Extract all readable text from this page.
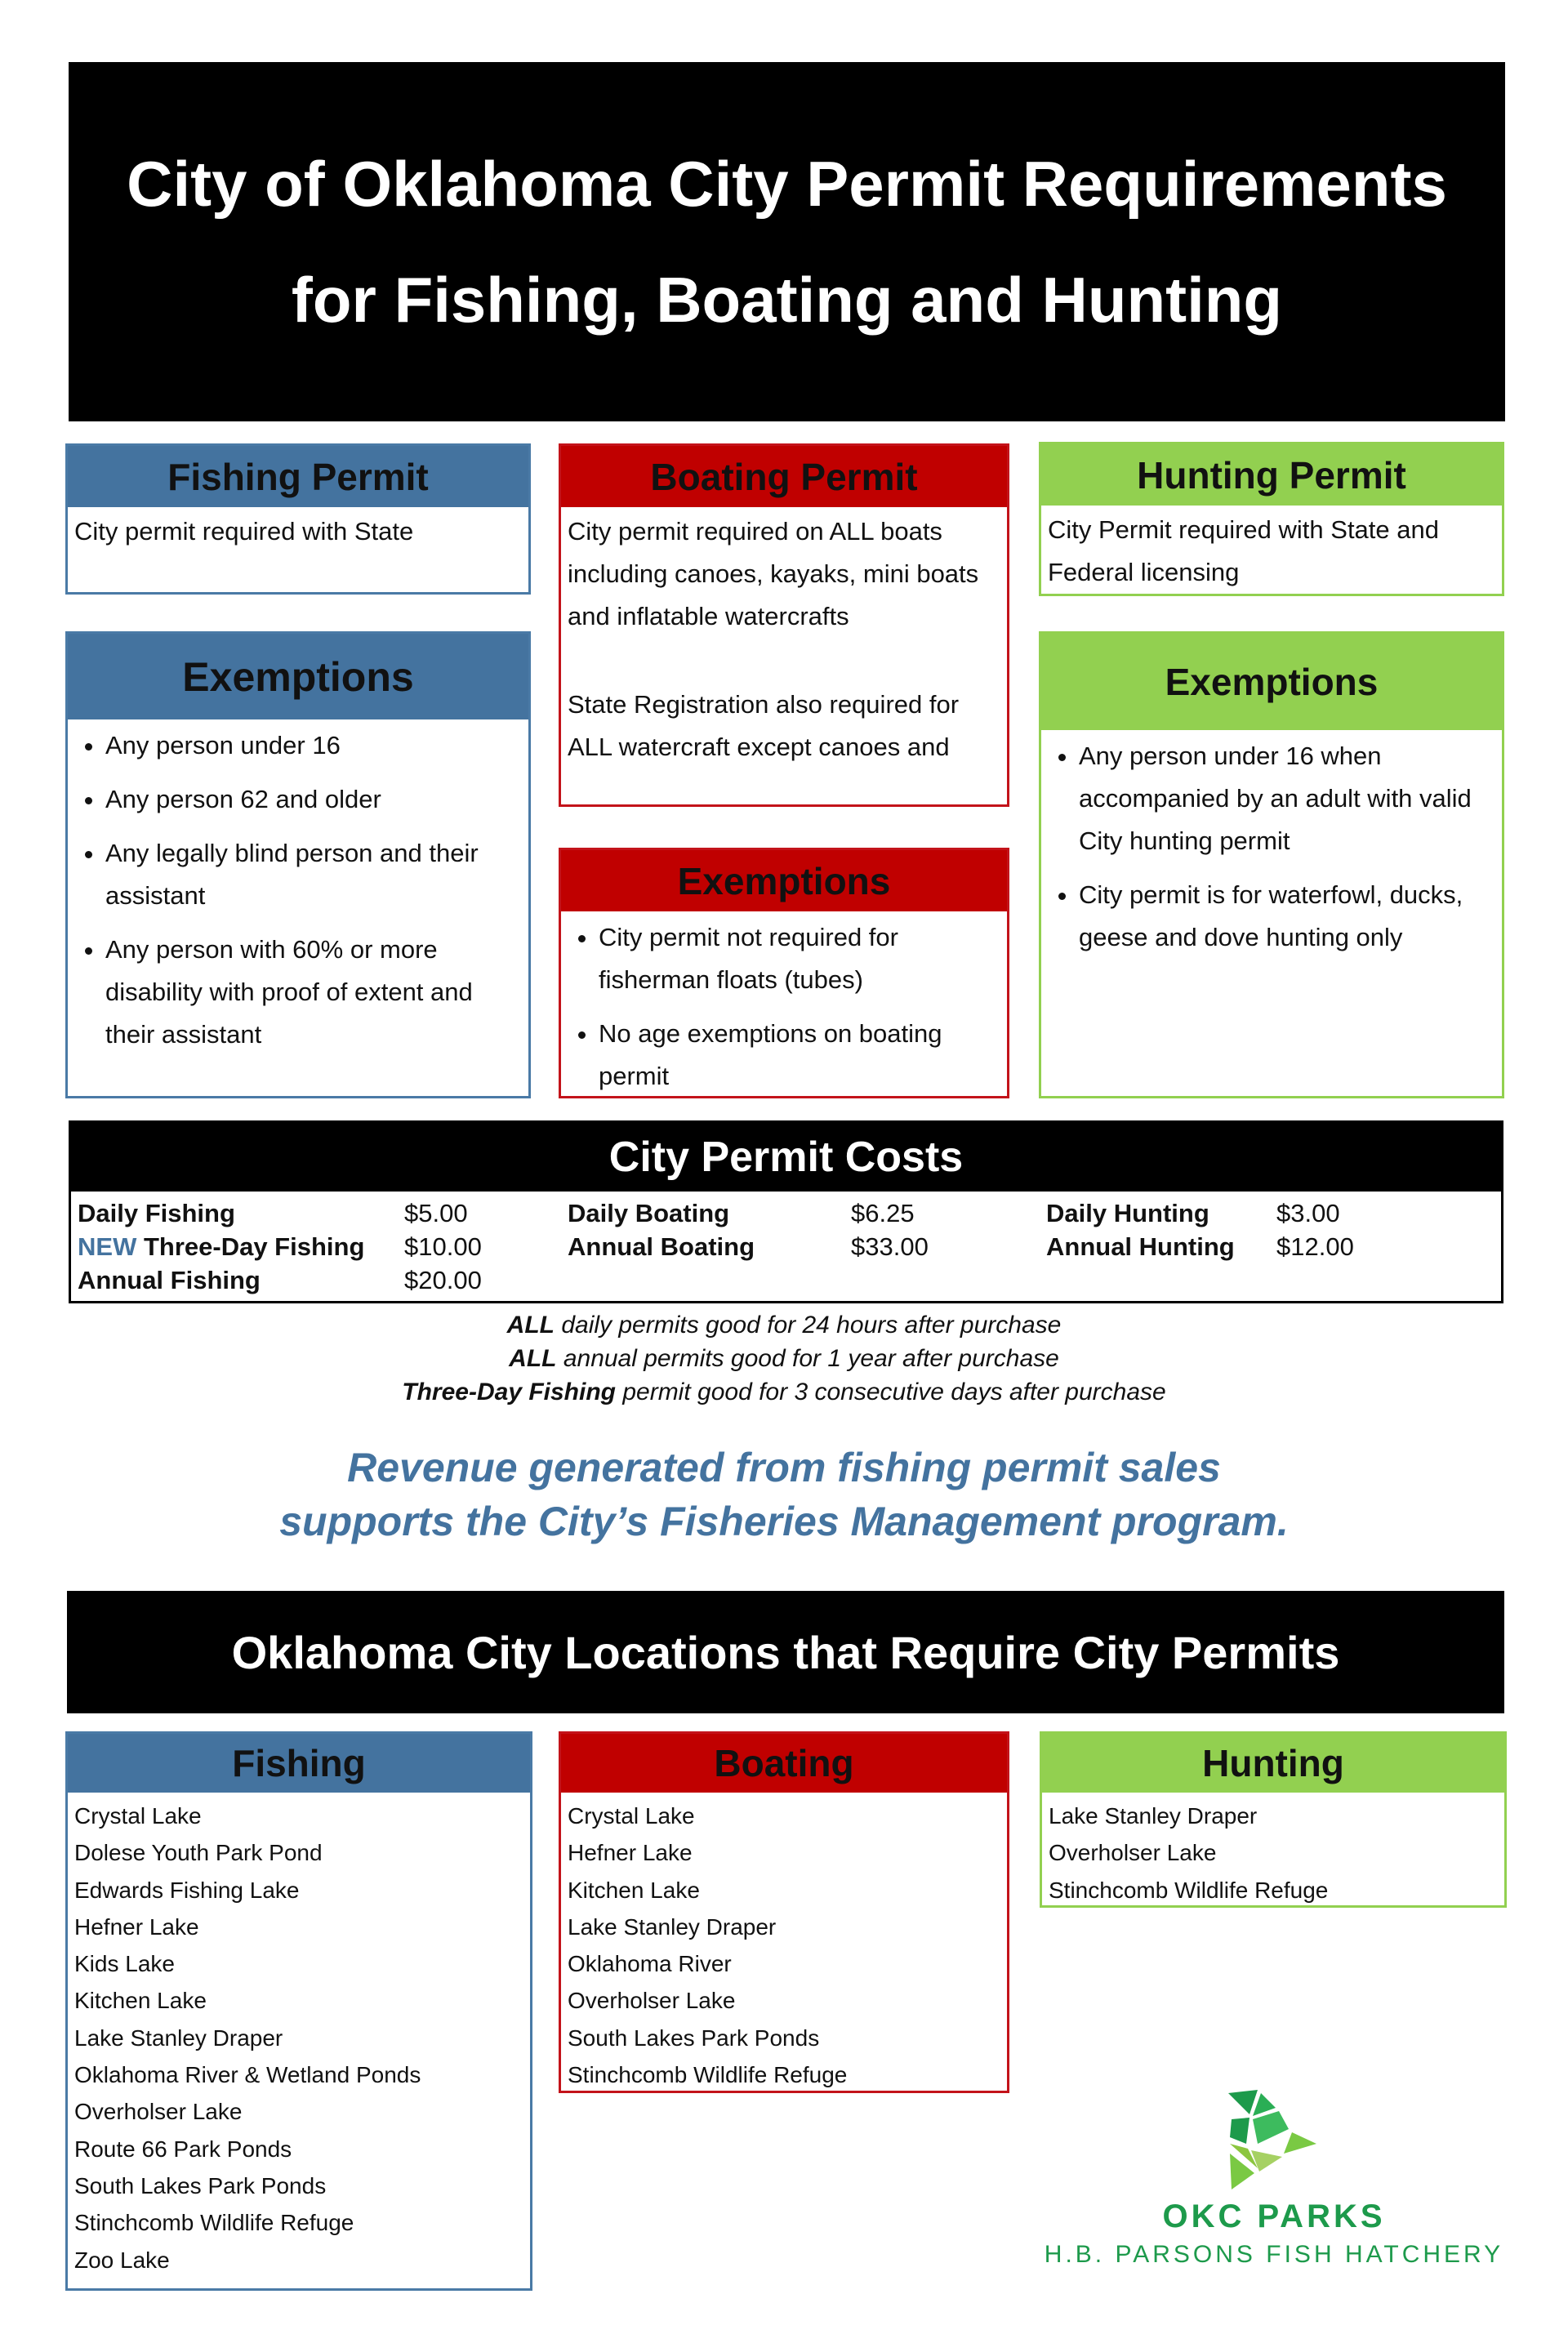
City of Oklahoma City Permit Requirements
for Fishing, Boating and Hunting
Fishing Permit
City permit required with State
Exemptions
• Any person under 16
• Any person 62 and older
• Any legally blind person and their assistant
• Any person with 60% or more disability with proof of extent and their assistant
Boating Permit
City permit required on ALL boats including canoes, kayaks, mini boats and inflatable watercrafts
State Registration also required for ALL watercraft except canoes and
Exemptions
• City permit not required for fisherman floats (tubes)
• No age exemptions on boating permit
Hunting Permit
City Permit required with State and Federal licensing
Exemptions
• Any person under 16 when accompanied by an adult with valid City hunting permit
• City permit is for waterfowl, ducks, geese and dove hunting only
City Permit Costs
Daily Fishing	$5.00
NEW Three-Day Fishing $10.00
Annual Fishing	$20.00
Daily Boating	$6.25
Annual Boating	$33.00
Daily Hunting	$3.00
Annual Hunting $12.00
ALL daily permits good for 24 hours after purchase
ALL annual permits good for 1 year after purchase
Three-Day Fishing permit good for 3 consecutive days after purchase
Revenue generated from fishing permit sales
supports the City’s Fisheries Management program.
Oklahoma City Locations that Require City Permits
Fishing
Crystal Lake
Dolese Youth Park Pond
Edwards Fishing Lake
Hefner Lake
Kids Lake
Kitchen Lake
Lake Stanley Draper
Oklahoma River & Wetland Ponds
Overholser Lake
Route 66 Park Ponds
South Lakes Park Ponds
Stinchcomb Wildlife Refuge
Zoo Lake
Boating
Crystal Lake
Hefner Lake
Kitchen Lake
Lake Stanley Draper
Oklahoma River
Overholser Lake
South Lakes Park Ponds
Stinchcomb Wildlife Refuge
Hunting
Lake Stanley Draper
Overholser Lake
Stinchcomb Wildlife Refuge
OKC PARKS
H.B. PARSONS FISH HATCHERY
